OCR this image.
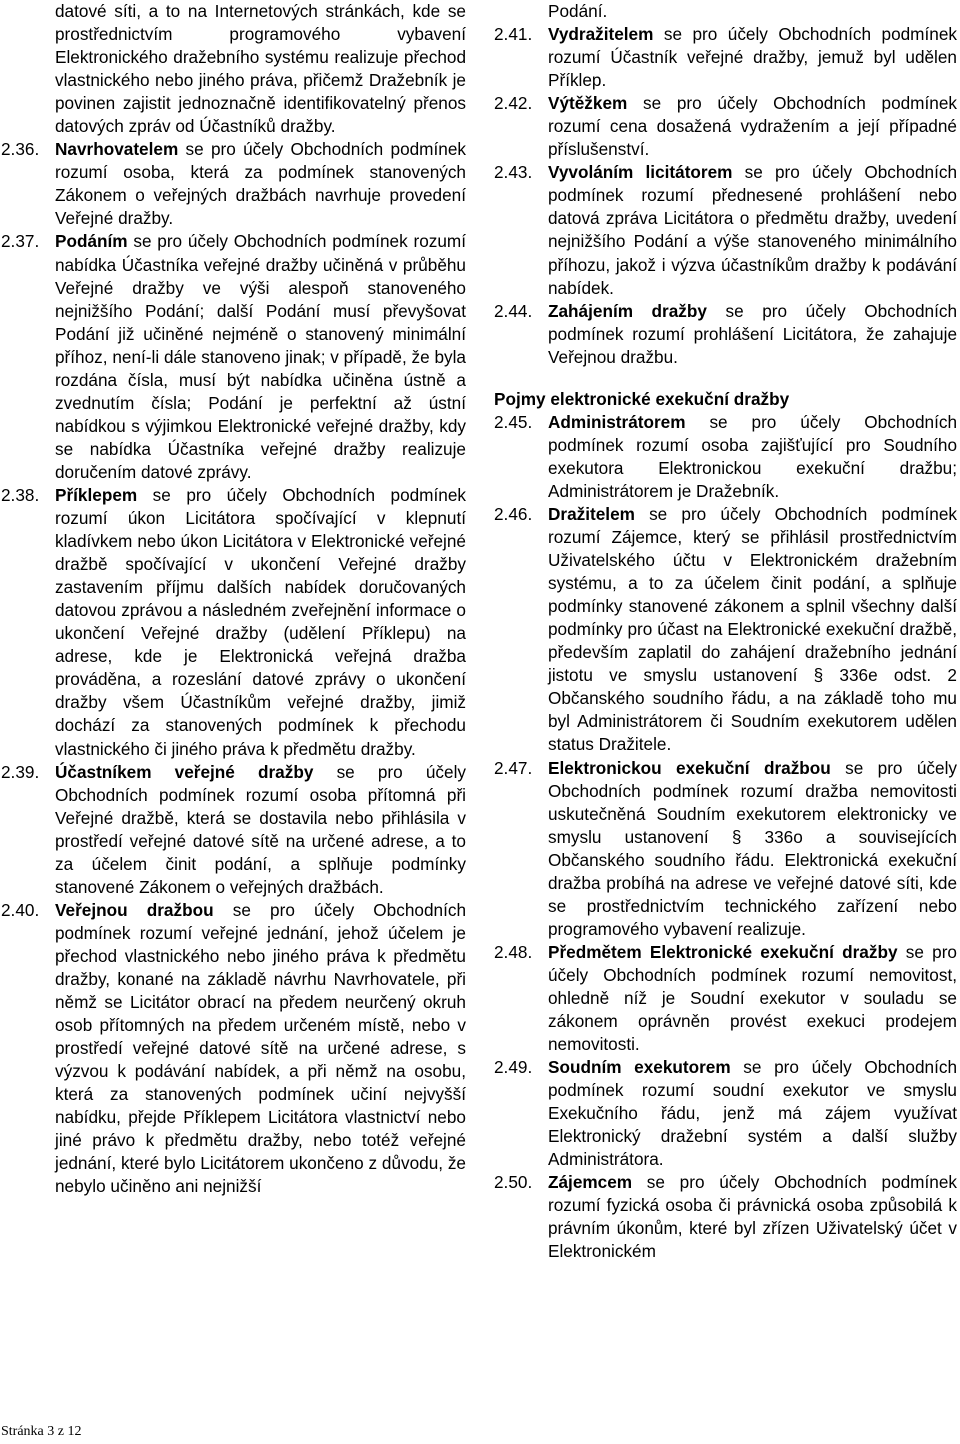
datové síti, a to na Internetových stránkách, kde se prostřednictvím programového vybavení Elektronického dražebního systému realizuje přechod vlastnického nebo jiného práva, přičemž Dražebník je povinen zajistit jednoznačně identifikovatelný přenos datových zpráv od Účastníků dražby.
2.36. Navrhovatelem se pro účely Obchodních podmínek rozumí osoba, která za podmínek stanovených Zákonem o veřejných dražbách navrhuje provedení Veřejné dražby.
2.37. Podáním se pro účely Obchodních podmínek rozumí nabídka Účastníka veřejné dražby učiněná v průběhu Veřejné dražby ve výši alespoň stanoveného nejnižšího Podání; další Podání musí převyšovat Podání již učiněné nejméně o stanovený minimální příhoz, není-li dále stanoveno jinak; v případě, že byla rozdána čísla, musí být nabídka učiněna ústně a zvednutím čísla; Podání je perfektní až ústní nabídkou s výjimkou Elektronické veřejné dražby, kdy se nabídka Účastníka veřejné dražby realizuje doručením datové zprávy.
2.38. Příklepem se pro účely Obchodních podmínek rozumí úkon Licitátora spočívající v klepnutí kladívkem nebo úkon Licitátora v Elektronické veřejné dražbě spočívající v ukončení Veřejné dražby zastavením příjmu dalších nabídek doručovaných datovou zprávou a následném zveřejnění informace o ukončení Veřejné dražby (udělení Příklepu) na adrese, kde je Elektronická veřejná dražba prováděna, a rozeslání datové zprávy o ukončení dražby všem Účastníkům veřejné dražby, jimiž dochází za stanovených podmínek k přechodu vlastnického či jiného práva k předmětu dražby.
2.39. Účastníkem veřejné dražby se pro účely Obchodních podmínek rozumí osoba přítomná při Veřejné dražbě, která se dostavila nebo přihlásila v prostředí veřejné datové sítě na určené adrese, a to za účelem činit podání, a splňuje podmínky stanovené Zákonem o veřejných dražbách.
2.40. Veřejnou dražbou se pro účely Obchodních podmínek rozumí veřejné jednání, jehož účelem je přechod vlastnického nebo jiného práva k předmětu dražby, konané na základě návrhu Navrhovatele, při němž se Licitátor obrací na předem neurčený okruh osob přítomných na předem určeném místě, nebo v prostředí veřejné datové sítě na určené adrese, s výzvou k podávání nabídek, a při němž na osobu, která za stanovených podmínek učiní nejvyšší nabídku, přejde Příklepem Licitátora vlastnictví nebo jiné právo k předmětu dražby, nebo totéž veřejné jednání, které bylo Licitátorem ukončeno z důvodu, že nebylo učiněno ani nejnižší
Podání.
2.41. Vydražitelem se pro účely Obchodních podmínek rozumí Účastník veřejné dražby, jemuž byl udělen Příklep.
2.42. Výtěžkem se pro účely Obchodních podmínek rozumí cena dosažená vydražením a její případné příslušenství.
2.43. Vyvoláním licitátorem se pro účely Obchodních podmínek rozumí přednesené prohlášení nebo datová zpráva Licitátora o předmětu dražby, uvedení nejnižšího Podání a výše stanoveného minimálního příhozu, jakož i výzva účastníkům dražby k podávání nabídek.
2.44. Zahájením dražby se pro účely Obchodních podmínek rozumí prohlášení Licitátora, že zahajuje Veřejnou dražbu.
Pojmy elektronické exekuční dražby
2.45. Administrátorem se pro účely Obchodních podmínek rozumí osoba zajišťující pro Soudního exekutora Elektronickou exekuční dražbu; Administrátorem je Dražebník.
2.46. Dražitelem se pro účely Obchodních podmínek rozumí Zájemce, který se přihlásil prostřednictvím Uživatelského účtu v Elektronickém dražebním systému, a to za účelem činit podání, a splňuje podmínky stanovené zákonem a splnil všechny další podmínky pro účast na Elektronické exekuční dražbě, především zaplatil do zahájení dražebního jednání jistotu ve smyslu ustanovení § 336e odst. 2 Občanského soudního řádu, a na základě toho mu byl Administrátorem či Soudním exekutorem udělen status Dražitele.
2.47. Elektronickou exekuční dražbou se pro účely Obchodních podmínek rozumí dražba nemovitosti uskutečněná Soudním exekutorem elektronicky ve smyslu ustanovení § 336o a souvisejících Občanského soudního řádu. Elektronická exekuční dražba probíhá na adrese ve veřejné datové síti, kde se prostřednictvím technického zařízení nebo programového vybavení realizuje.
2.48. Předmětem Elektronické exekuční dražby se pro účely Obchodních podmínek rozumí nemovitost, ohledně níž je Soudní exekutor v souladu se zákonem oprávněn provést exekuci prodejem nemovitosti.
2.49. Soudním exekutorem se pro účely Obchodních podmínek rozumí soudní exekutor ve smyslu Exekučního řádu, jenž má zájem využívat Elektronický dražební systém a další služby Administrátora.
2.50. Zájemcem se pro účely Obchodních podmínek rozumí fyzická osoba či právnická osoba způsobilá k právním úkonům, které byl zřízen Uživatelský účet v Elektronickém
Stránka 3 z 12
